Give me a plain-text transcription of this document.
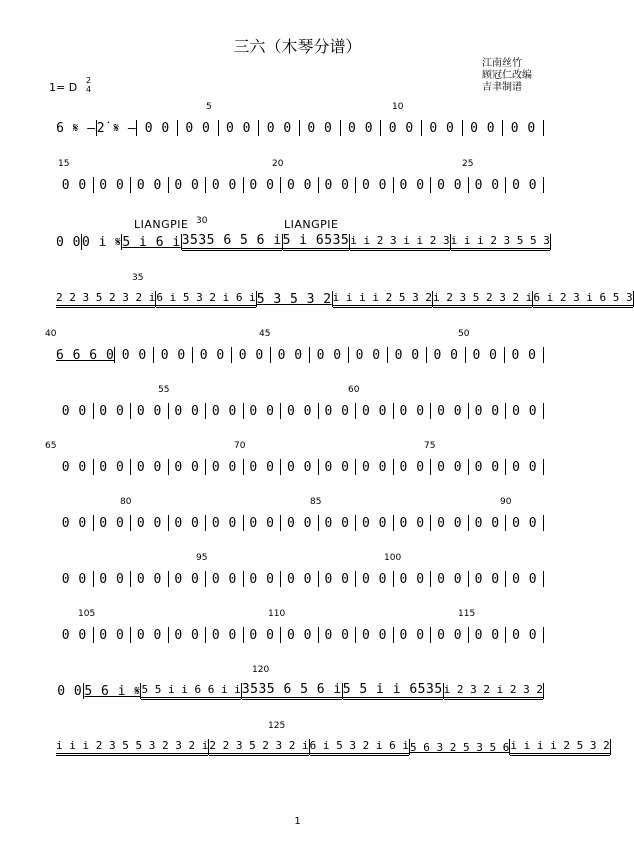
三六（木琴分谱）
江南丝竹
顾冠仁改编
吉聿制谱
1= D
2
4
5	10
6 𝄋 – 2̇ 𝄋 – 0 0 0 0 0 0 0 0 0 0 0 0 0 0 0 0 0 0 0 0
15	20	25
0 0 0 0 0 0 0 0 0 0 0 0 0 0 0 0 0 0 0 0 0 0 0 0 0 0
30
LIANGPIE	LIANGPIE
0 0 0 i 𝄋 5 i 6 i 3535 6 5 6 i 5 i 6535 i i 2 3 i i 2 3 i i i 2 3 5 5 3
35
2 2 3 5 2 3 2 i 6 i 5 3 2 i 6 i 5 3 5 3 2 i i i i 2 5 3 2 i 2 3 5 2 3 2 i 6 i 2 3 i 6 5 3
40	45	50
6 6 6 0 0 0 0 0 0 0 0 0 0 0 0 0 0 0 0 0 0 0 0 0 0 0
55	60
0 0 0 0 0 0 0 0 0 0 0 0 0 0 0 0 0 0 0 0 0 0 0 0 0 0
65	70	75
0 0 0 0 0 0 0 0 0 0 0 0 0 0 0 0 0 0 0 0 0 0 0 0 0 0
80	85	90
0 0 0 0 0 0 0 0 0 0 0 0 0 0 0 0 0 0 0 0 0 0 0 0 0 0
95	100
0 0 0 0 0 0 0 0 0 0 0 0 0 0 0 0 0 0 0 0 0 0 0 0 0 0
105	110	115
0 0 0 0 0 0 0 0 0 0 0 0 0 0 0 0 0 0 0 0 0 0 0 0 0 0
120
0 0 5 6 i 𝄋 5 5 i i 6 6 i i 3535 6 5 6 i 5 5 i i 6535 i 2 3 2 i 2 3 2
125
i i i 2 3 5 5 3 2 3 2 i 2 2 3 5 2 3 2 i 6 i 5 3 2 i 6 i 5 6 3 2 5 3 5 6 i i i i 2 5 3 2
1
